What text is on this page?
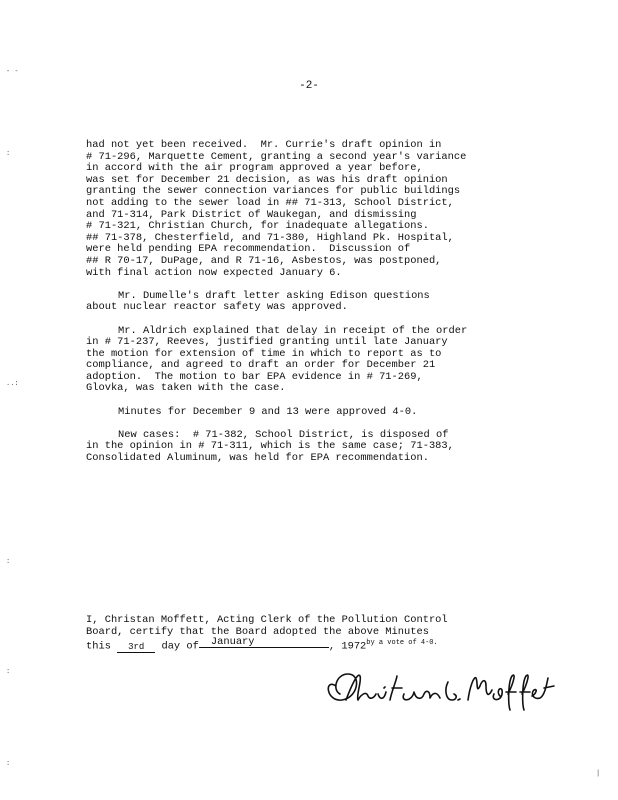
-2-
had not yet been received.  Mr. Currie's draft opinion in
# 71-296, Marquette Cement, granting a second year's variance
in accord with the air program approved a year before,
was set for December 21 decision, as was his draft opinion
granting the sewer connection variances for public buildings
not adding to the sewer load in ## 71-313, School District,
and 71-314, Park District of Waukegan, and dismissing
# 71-321, Christian Church, for inadequate allegations.
## 71-378, Chesterfield, and 71-380, Highland Pk. Hospital,
were held pending EPA recommendation.  Discussion of
## R 70-17, DuPage, and R 71-16, Asbestos, was postponed,
with final action now expected January 6.
Mr. Dumelle's draft letter asking Edison questions
about nuclear reactor safety was approved.
Mr. Aldrich explained that delay in receipt of the order
in # 71-237, Reeves, justified granting until late January
the motion for extension of time in which to report as to
compliance, and agreed to draft an order for December 21
adoption.  The motion to bar EPA evidence in # 71-269,
Glovka, was taken with the case.
Minutes for December 9 and 13 were approved 4-0.
New cases:  # 71-382, School District, is disposed of
in the opinion in # 71-311, which is the same case; 71-383,
Consolidated Aluminum, was held for EPA recommendation.
I, Christan Moffett, Acting Clerk of the Pollution Control
Board, certify that the Board adopted the above Minutes
this 3rd day of January	, $1972^{by a vote of 4-0.}$
- -
:
..:
:
:
:
|
